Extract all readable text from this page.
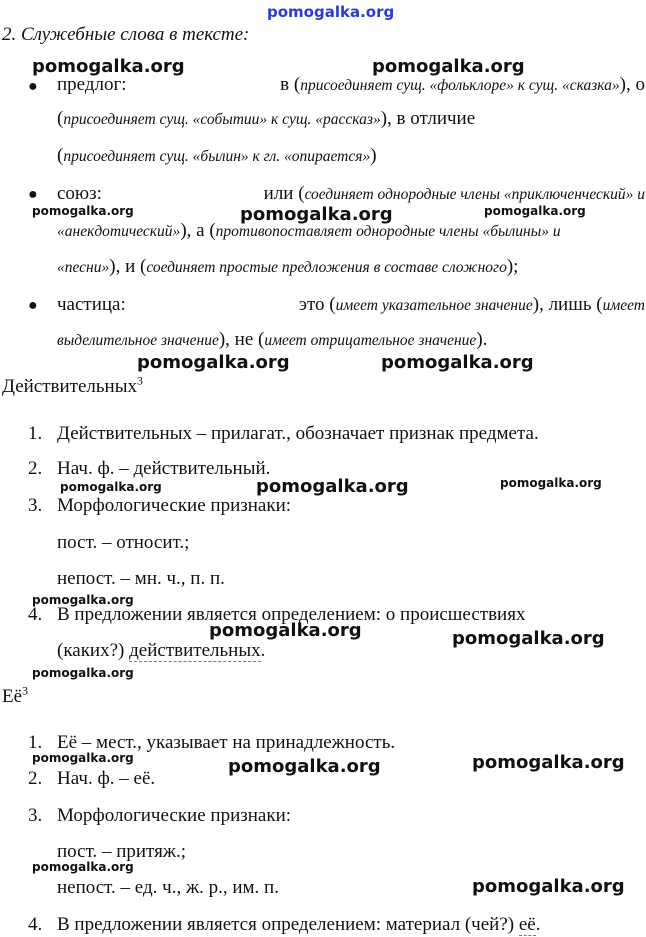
pomogalka.org
2. Служебные слова в тексте:
pomogalka.org	pomogalka.org
● предлог:	в (присоединяет сущ. «фольклоре» к сущ. «сказка»), о
(присоединяет сущ. «событии» к сущ. «рассказ»), в отличие
(присоединяет сущ. «былин» к гл. «опирается»)
● союз:	или (соединяет однородные члены «приключенческий» и
pomogalka.org	pomogalka.org	pomogalka.org
«анекдотический»), а (противопоставляет однородные члены «былины» и
«песни»), и (соединяет простые предложения в составе сложного);
● частица:	это (имеет указательное значение), лишь (имеет
выделительное значение), не (имеет отрицательное значение).
pomogalka.org	pomogalka.org
Действительных$^3$
1. Действительных – прилагат., обозначает признак предмета.
2. Нач. ф. – действительный.
pomogalka.org	pomogalka.org	pomogalka.org
3. Морфологические признаки:
пост. – относит.;
непост. – мн. ч., п. п.
pomogalka.org
4. В предложении является определением: о происшествиях
pomogalka.org	pomogalka.org
(каких?) действительных.
pomogalka.org
$Её^3$
1. Её – мест., указывает на принадлежность.
pomogalka.org	pomogalka.org	pomogalka.org
2. Нач. ф. – её.
3. Морфологические признаки:
пост. – притяж.;
pomogalka.org
непост. – ед. ч., ж. р., им. п.	pomogalka.org
4. В предложении является определением: материал (чей?) её.
